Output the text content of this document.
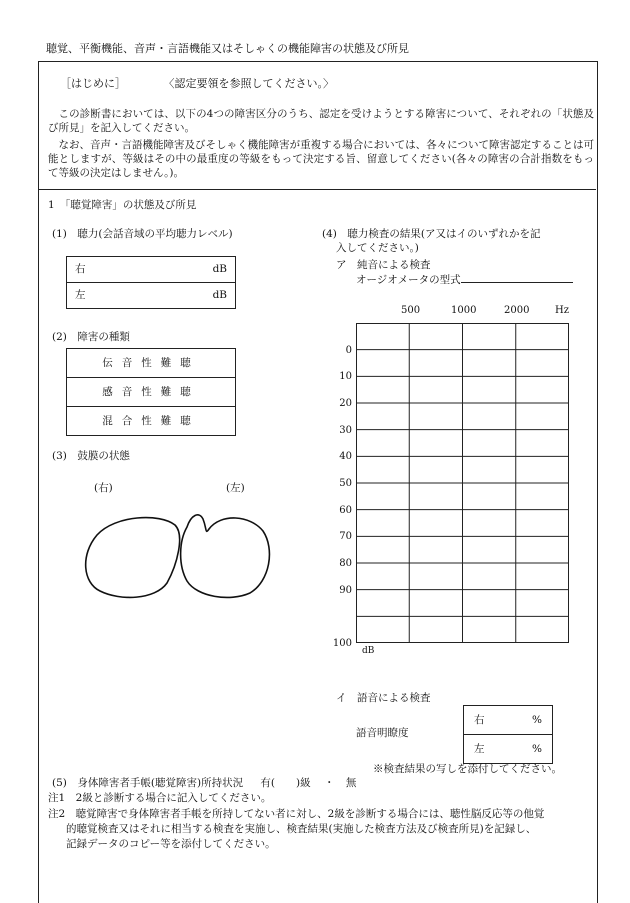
聴覚、平衡機能、音声・言語機能又はそしゃくの機能障害の状態及び所見
［はじめに］	〈認定要領を参照してください。〉
この診断書においては、以下の4つの障害区分のうち、認定を受けようとする障害について、それぞれの「状態及び所見」を記入してください。
なお、音声・言語機能障害及びそしゃく機能障害が重複する場合においては、各々について障害認定することは可能としますが、等級はその中の最重度の等級をもって決定する旨、留意してください(各々の障害の合計指数をもって等級の決定はしません。)。
1　「聴覚障害」の状態及び所見
(1)　聴力(会話音域の平均聴力レベル)
右	dB

左	dB
(2)　障害の種類
伝音性難聴
感音性難聴
混合性難聴
(3)　鼓膜の状態
(右)	(左)
(4)　聴力検査の結果(ア又はイのいずれかを記
入してください。)
ア　純音による検査
オージオメータの型式
500	1000	2000	Hz
0
10
20
30
40
50
60
70
80
90
100
dB
イ　語音による検査
語音明瞭度
右	%

左	%
※検査結果の写しを添付してください。
(5)　身体障害者手帳(聴覚障害)所持状況 有(　　)級 ・ 無
注1　2級と診断する場合に記入してください。
注2　聴覚障害で身体障害者手帳を所持してない者に対し、2級を診断する場合には、聴性脳反応等の他覚
的聴覚検査又はそれに相当する検査を実施し、検査結果(実施した検査方法及び検査所見)を記録し、
記録データのコピー等を添付してください。
